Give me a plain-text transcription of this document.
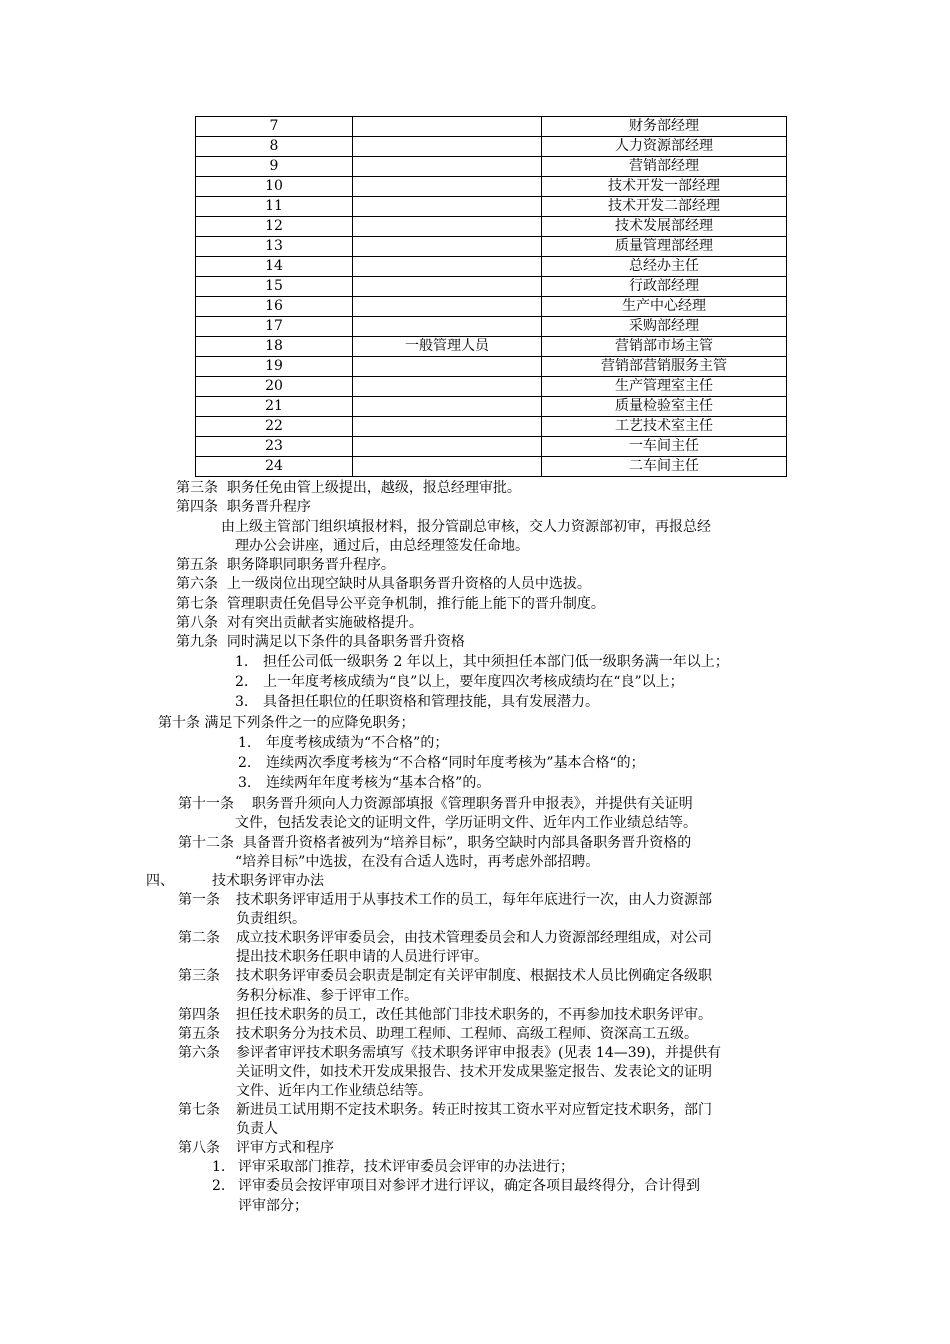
7		财务部经理
8		人力资源部经理
9		营销部经理
10		技术开发一部经理
11		技术开发二部经理
12		技术发展部经理
13		质量管理部经理
14		总经办主任
15		行政部经理
16		生产中心经理
17		采购部经理
18	一般管理人员	营销部市场主管
19		营销部营销服务主管
20		生产管理室主任
21		质量检验室主任
22		工艺技术室主任
23		一车间主任
24		二车间主任
第三条 职务任免由管上级提出，越级，报总经理审批。
第四条 职务晋升程序
由上级主管部门组织填报材料，报分管副总审核，交人力资源部初审，再报总经
理办公会讲座，通过后，由总经理签发任命地。
第五条 职务降职同职务晋升程序。
第六条 上一级岗位出现空缺时从具备职务晋升资格的人员中选拔。
第七条 管理职责任免倡导公平竞争机制，推行能上能下的晋升制度。
第八条 对有突出贡献者实施破格提升。
第九条 同时满足以下条件的具备职务晋升资格
1. 担任公司低一级职务 2 年以上，其中须担任本部门低一级职务满一年以上；
2. 上一年度考核成绩为“良”以上，要年度四次考核成绩均在“良”以上；
3. 具备担任职位的任职资格和管理技能，具有发展潜力。
第十条 满足下列条件之一的应降免职务；
1. 年度考核成绩为“不合格”的；
2. 连续两次季度考核为“不合格“同时年度考核为”基本合格“的；
3. 连续两年年度考核为“基本合格”的。
第十一条 职务晋升须向人力资源部填报《管理职务晋升申报表》，并提供有关证明
文件，包括发表论文的证明文件，学历证明文件、近年内工作业绩总结等。
第十二条 具备晋升资格者被列为“培养目标”，职务空缺时内部具备职务晋升资格的
“培养目标”中选拔，在没有合适人选时，再考虑外部招聘。
四、	技术职务评审办法
第一条 技术职务评审适用于从事技术工作的员工，每年年底进行一次，由人力资源部
负责组织。
第二条 成立技术职务评审委员会，由技术管理委员会和人力资源部经理组成，对公司
提出技术职务任职申请的人员进行评审。
第三条 技术职务评审委员会职责是制定有关评审制度、根据技术人员比例确定各级职
务积分标准、参于评审工作。
第四条 担任技术职务的员工，改任其他部门非技术职务的，不再参加技术职务评审。
第五条 技术职务分为技术员、助理工程师、工程师、高级工程师、资深高工五级。
第六条 参评者审评技术职务需填写《技术职务评审申报表》(见表 14—39)，并提供有
关证明文件，如技术开发成果报告、技术开发成果鉴定报告、发表论文的证明
文件、近年内工作业绩总结等。
第七条 新进员工试用期不定技术职务。转正时按其工资水平对应暂定技术职务，部门
负责人
第八条 评审方式和程序
1. 评审采取部门推荐，技术评审委员会评审的办法进行；
2. 评审委员会按评审项目对参评才进行评议，确定各项目最终得分，合计得到
评审部分；
